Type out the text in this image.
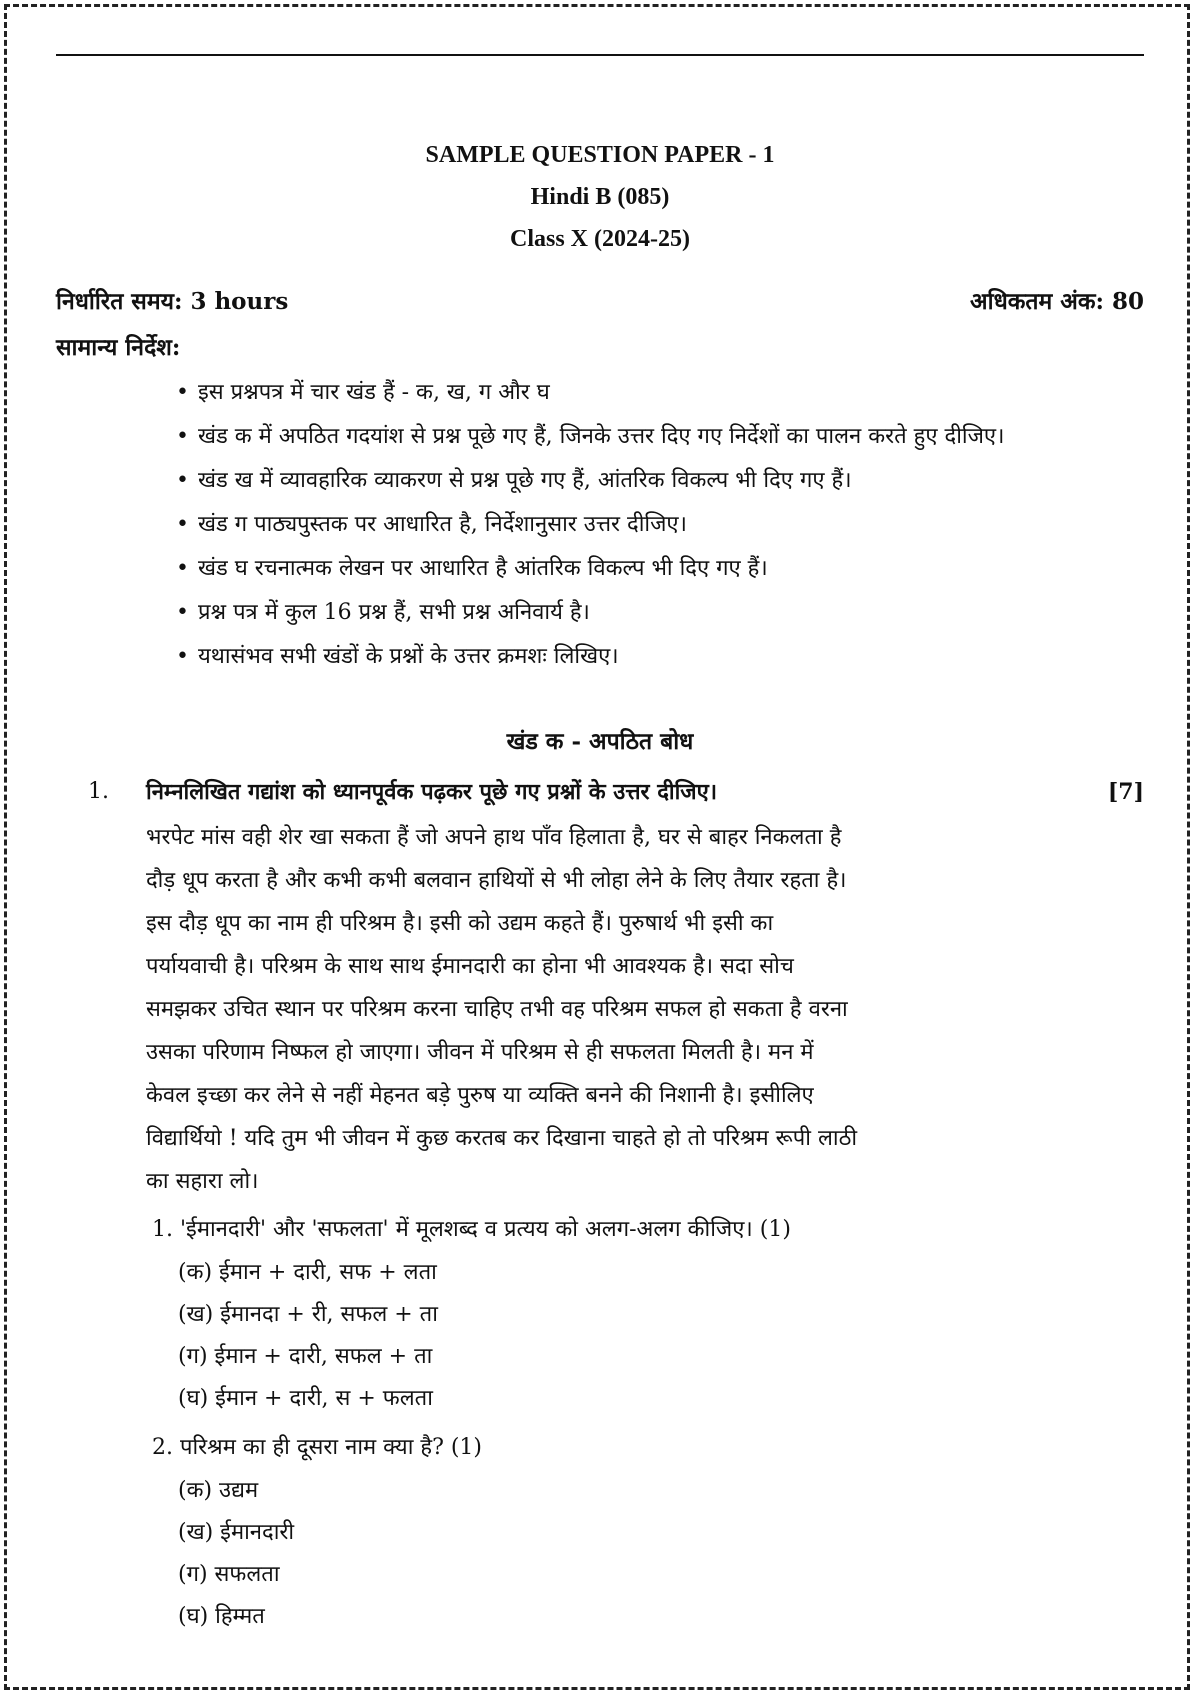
SAMPLE QUESTION PAPER - 1
Hindi B (085)
Class X (2024-25)
निर्धारित समय: 3 hours	अधिकतम अंक: 80
सामान्य निर्देश:
• इस प्रश्नपत्र में चार खंड हैं - क, ख, ग और घ
• खंड क में अपठित गदयांश से प्रश्न पूछे गए हैं, जिनके उत्तर दिए गए निर्देशों का पालन करते हुए दीजिए।
• खंड ख में व्यावहारिक व्याकरण से प्रश्न पूछे गए हैं, आंतरिक विकल्प भी दिए गए हैं।
• खंड ग पाठ्यपुस्तक पर आधारित है, निर्देशानुसार उत्तर दीजिए।
• खंड घ रचनात्मक लेखन पर आधारित है आंतरिक विकल्प भी दिए गए हैं।
• प्रश्न पत्र में कुल 16 प्रश्न हैं, सभी प्रश्न अनिवार्य है।
• यथासंभव सभी खंडों के प्रश्नों के उत्तर क्रमशः लिखिए।
खंड क - अपठित बोध
1. निम्नलिखित गद्यांश को ध्यानपूर्वक पढ़कर पूछे गए प्रश्नों के उत्तर दीजिए।	[7]
भरपेट मांस वही शेर खा सकता हैं जो अपने हाथ पाँव हिलाता है, घर से बाहर निकलता है
दौड़ धूप करता है और कभी कभी बलवान हाथियों से भी लोहा लेने के लिए तैयार रहता है।
इस दौड़ धूप का नाम ही परिश्रम है। इसी को उद्यम कहते हैं। पुरुषार्थ भी इसी का
पर्यायवाची है। परिश्रम के साथ साथ ईमानदारी का होना भी आवश्यक है। सदा सोच
समझकर उचित स्थान पर परिश्रम करना चाहिए तभी वह परिश्रम सफल हो सकता है वरना
उसका परिणाम निष्फल हो जाएगा। जीवन में परिश्रम से ही सफलता मिलती है। मन में
केवल इच्छा कर लेने से नहीं मेहनत बड़े पुरुष या व्यक्ति बनने की निशानी है। इसीलिए
विद्यार्थियो ! यदि तुम भी जीवन में कुछ करतब कर दिखाना चाहते हो तो परिश्रम रूपी लाठी
का सहारा लो।
1. 'ईमानदारी' और 'सफलता' में मूलशब्द व प्रत्यय को अलग-अलग कीजिए। (1)
(क) ईमान + दारी, सफ + लता
(ख) ईमानदा + री, सफल + ता
(ग) ईमान + दारी, सफल + ता
(घ) ईमान + दारी, स + फलता
2. परिश्रम का ही दूसरा नाम क्या है? (1)
(क) उद्यम
(ख) ईमानदारी
(ग) सफलता
(घ) हिम्मत
